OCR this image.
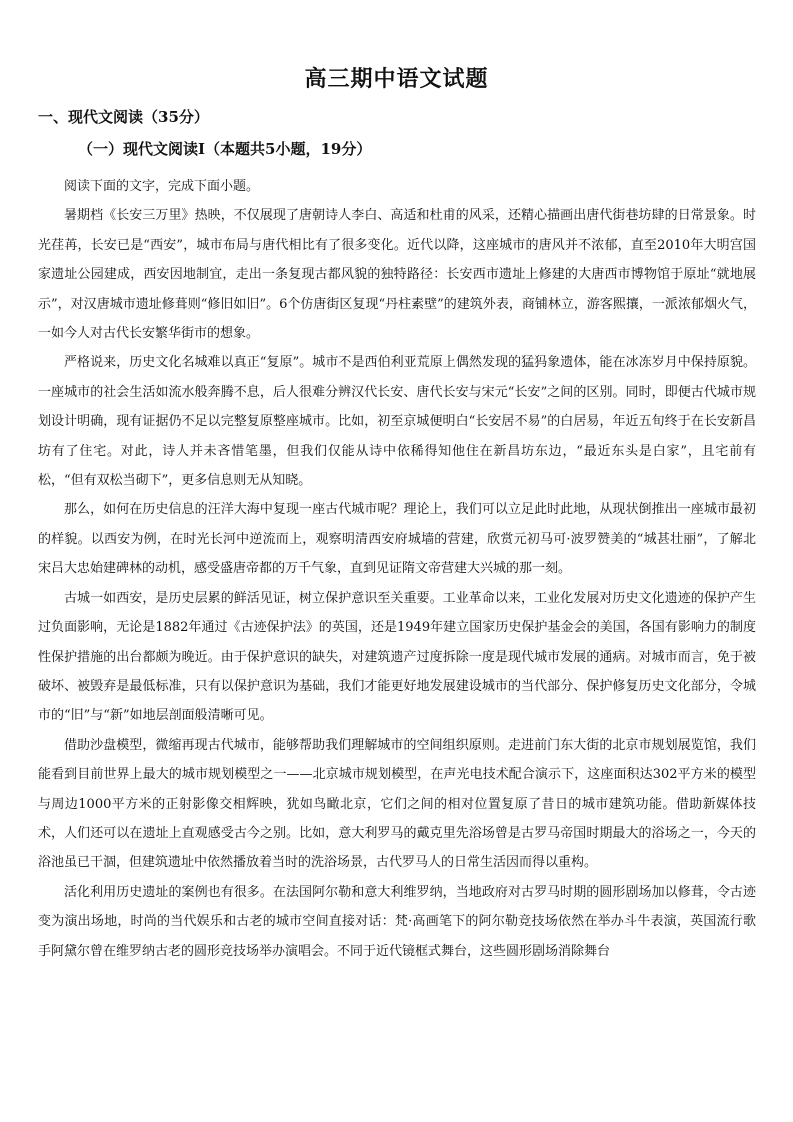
高三期中语文试题
一、现代文阅读（35分）
（一）现代文阅读Ⅰ（本题共5小题，19分）

阅读下面的文字，完成下面小题。

暑期档《长安三万里》热映，不仅展现了唐朝诗人李白、高适和杜甫的风采，还精心描画出唐代街巷坊肆的日常景象。时光荏苒，长安已是“西安”，城市布局与唐代相比有了很多变化。近代以降，这座城市的唐风并不浓郁，直至2010年大明宫国家遗址公园建成，西安因地制宜，走出一条复现古都风貌的独特路径：长安西市遗址上修建的大唐西市博物馆于原址“就地展示”，对汉唐城市遗址修葺则“修旧如旧”。6个仿唐街区复现“丹柱素壁”的建筑外表，商铺林立，游客熙攘，一派浓郁烟火气，一如今人对古代长安繁华街市的想象。

严格说来，历史文化名城难以真正“复原”。城市不是西伯利亚荒原上偶然发现的猛犸象遗体，能在冰冻岁月中保持原貌。一座城市的社会生活如流水般奔腾不息，后人很难分辨汉代长安、唐代长安与宋元“长安”之间的区别。同时，即便古代城市规划设计明确，现有证据仍不足以完整复原整座城市。比如，初至京城便明白“长安居不易”的白居易，年近五旬终于在长安新昌坊有了住宅。对此，诗人并未吝惜笔墨，但我们仅能从诗中依稀得知他住在新昌坊东边，“最近东头是白家”，且宅前有松，“但有双松当砌下”，更多信息则无从知晓。

那么，如何在历史信息的汪洋大海中复现一座古代城市呢？理论上，我们可以立足此时此地，从现状倒推出一座城市最初的样貌。以西安为例，在时光长河中逆流而上，观察明清西安府城墙的营建，欣赏元初马可·波罗赞美的“城甚壮丽”，了解北宋吕大忠始建碑林的动机，感受盛唐帝都的万千气象，直到见证隋文帝营建大兴城的那一刻。

古城一如西安，是历史层累的鲜活见证，树立保护意识至关重要。工业革命以来，工业化发展对历史文化遗迹的保护产生过负面影响，无论是1882年通过《古迹保护法》的英国，还是1949年建立国家历史保护基金会的美国，各国有影响力的制度性保护措施的出台都颇为晚近。由于保护意识的缺失，对建筑遗产过度拆除一度是现代城市发展的通病。对城市而言，免于被破坏、被毁弃是最低标准，只有以保护意识为基础，我们才能更好地发展建设城市的当代部分、保护修复历史文化部分，令城市的“旧”与“新”如地层剖面般清晰可见。

借助沙盘模型，微缩再现古代城市，能够帮助我们理解城市的空间组织原则。走进前门东大街的北京市规划展览馆，我们能看到目前世界上最大的城市规划模型之一——北京城市规划模型，在声光电技术配合演示下，这座面积达302平方米的模型与周边1000平方米的正射影像交相辉映，犹如鸟瞰北京，它们之间的相对位置复原了昔日的城市建筑功能。借助新媒体技术，人们还可以在遗址上直观感受古今之别。比如，意大利罗马的戴克里先浴场曾是古罗马帝国时期最大的浴场之一，今天的浴池虽已干涸，但建筑遗址中依然播放着当时的洗浴场景，古代罗马人的日常生活因而得以重构。

活化利用历史遗址的案例也有很多。在法国阿尔勒和意大利维罗纳，当地政府对古罗马时期的圆形剧场加以修葺，令古迹变为演出场地，时尚的当代娱乐和古老的城市空间直接对话：梵·高画笔下的阿尔勒竞技场依然在举办斗牛表演，英国流行歌手阿黛尔曾在维罗纳古老的圆形竞技场举办演唱会。不同于近代镜框式舞台，这些圆形剧场消除舞台
